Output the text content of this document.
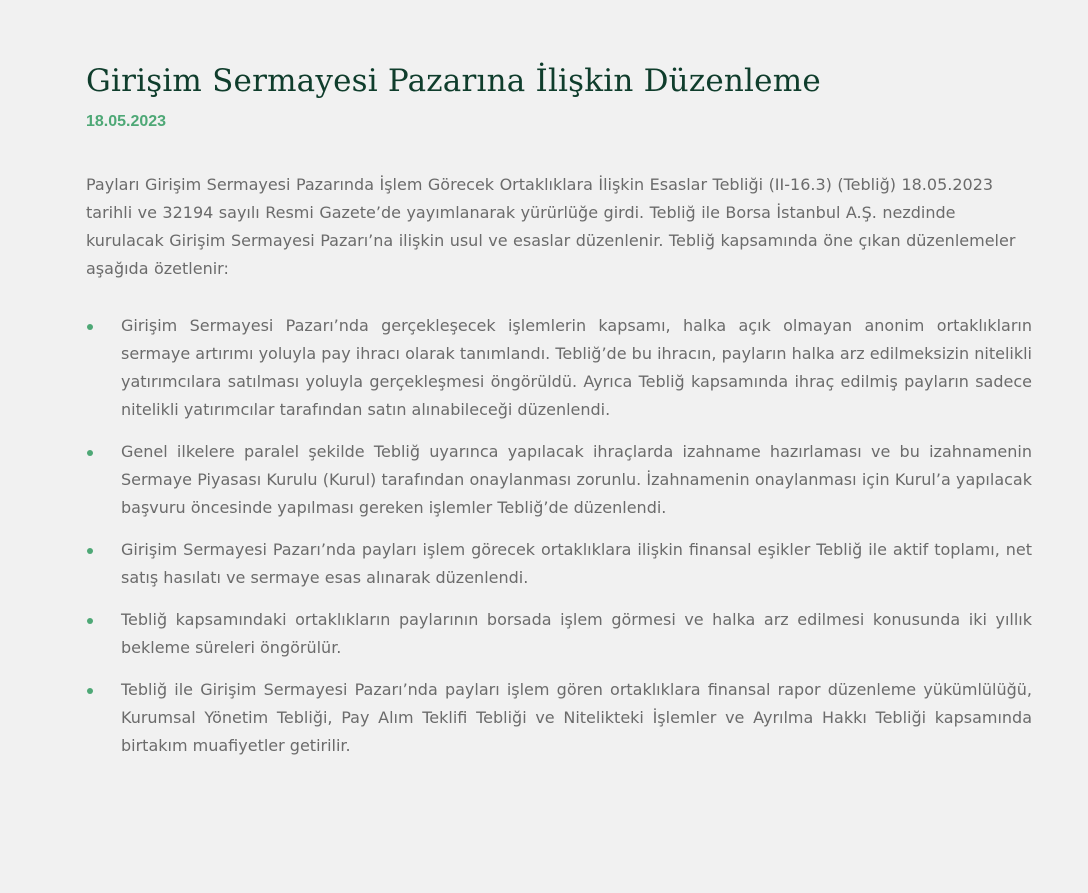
Girişim Sermayesi Pazarına İlişkin Düzenleme
18.05.2023

Payları Girişim Sermayesi Pazarında İşlem Görecek Ortaklıklara İlişkin Esaslar Tebliği (II-16.3) (Tebliğ) 18.05.2023 tarihli ve 32194 sayılı Resmi Gazete’de yayımlanarak yürürlüğe girdi. Tebliğ ile Borsa İstanbul A.Ş. nezdinde kurulacak Girişim Sermayesi Pazarı’na ilişkin usul ve esaslar düzenlenir. Tebliğ kapsamında öne çıkan düzenlemeler aşağıda özetlenir:

Girişim Sermayesi Pazarı’nda gerçekleşecek işlemlerin kapsamı, halka açık olmayan anonim ortaklıkların sermaye artırımı yoluyla pay ihracı olarak tanımlandı. Tebliğ’de bu ihracın, payların halka arz edilmeksizin nitelikli yatırımcılara satılması yoluyla gerçekleşmesi öngörüldü. Ayrıca Tebliğ kapsamında ihraç edilmiş payların sadece nitelikli yatırımcılar tarafından satın alınabileceği düzenlendi.
Genel ilkelere paralel şekilde Tebliğ uyarınca yapılacak ihraçlarda izahname hazırlaması ve bu izahnamenin Sermaye Piyasası Kurulu (Kurul) tarafından onaylanması zorunlu. İzahnamenin onaylanması için Kurul’a yapılacak başvuru öncesinde yapılması gereken işlemler Tebliğ’de düzenlendi.
Girişim Sermayesi Pazarı’nda payları işlem görecek ortaklıklara ilişkin finansal eşikler Tebliğ ile aktif toplamı, net satış hasılatı ve sermaye esas alınarak düzenlendi.
Tebliğ kapsamındaki ortaklıkların paylarının borsada işlem görmesi ve halka arz edilmesi konusunda iki yıllık bekleme süreleri öngörülür.
Tebliğ ile Girişim Sermayesi Pazarı’nda payları işlem gören ortaklıklara finansal rapor düzenleme yükümlülüğü, Kurumsal Yönetim Tebliği, Pay Alım Teklifi Tebliği ve Nitelikteki İşlemler ve Ayrılma Hakkı Tebliği kapsamında birtakım muafiyetler getirilir.
